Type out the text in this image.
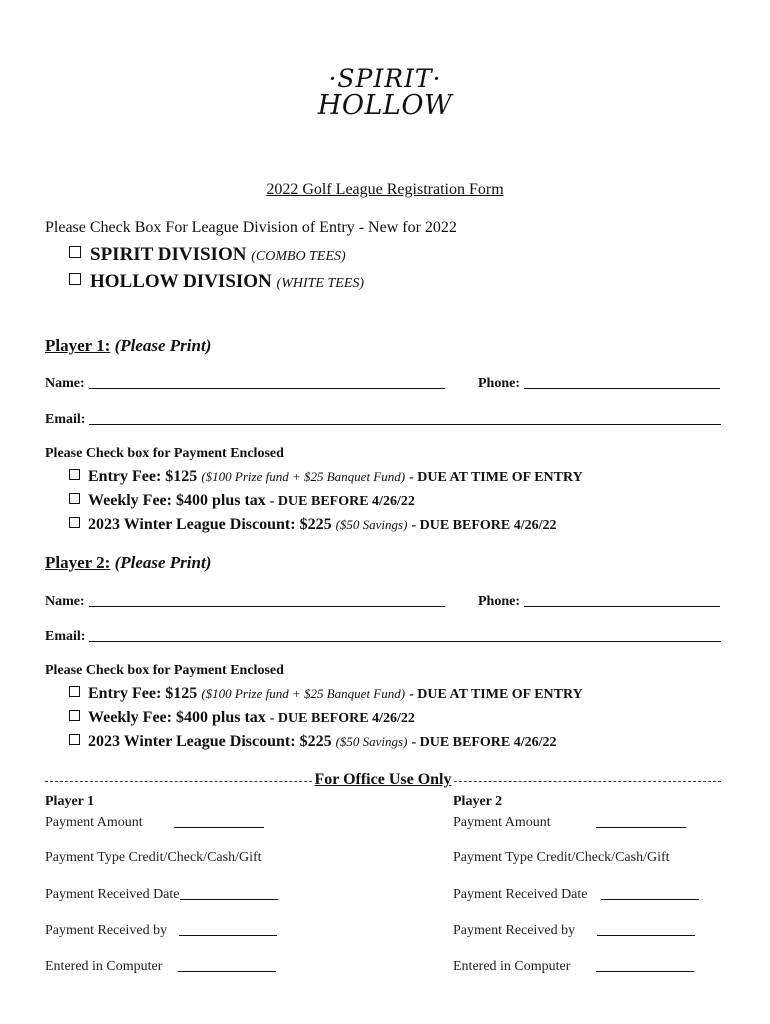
·SPIRIT·
HOLLOW
2022 Golf League Registration Form
Please Check Box For League Division of Entry - New for 2022
SPIRIT DIVISION (COMBO TEES)
HOLLOW DIVISION (WHITE TEES)
Player 1: (Please Print)
Name:	Phone:
Email:
Please Check box for Payment Enclosed
Entry Fee: $125 ($100 Prize fund + $25 Banquet Fund) - DUE AT TIME OF ENTRY
Weekly Fee: $400 plus tax - DUE BEFORE 4/26/22
2023 Winter League Discount: $225 ($50 Savings) - DUE BEFORE 4/26/22
Player 2: (Please Print)
Name:	Phone:
Email:
Please Check box for Payment Enclosed
Entry Fee: $125 ($100 Prize fund + $25 Banquet Fund) - DUE AT TIME OF ENTRY
Weekly Fee: $400 plus tax - DUE BEFORE 4/26/22
2023 Winter League Discount: $225 ($50 Savings) - DUE BEFORE 4/26/22
For Office Use Only
Player 1
Payment Amount
Payment Type Credit/Check/Cash/Gift
Payment Received Date
Payment Received by
Entered in Computer
Player 2
Payment Amount
Payment Type Credit/Check/Cash/Gift
Payment Received Date
Payment Received by
Entered in Computer
